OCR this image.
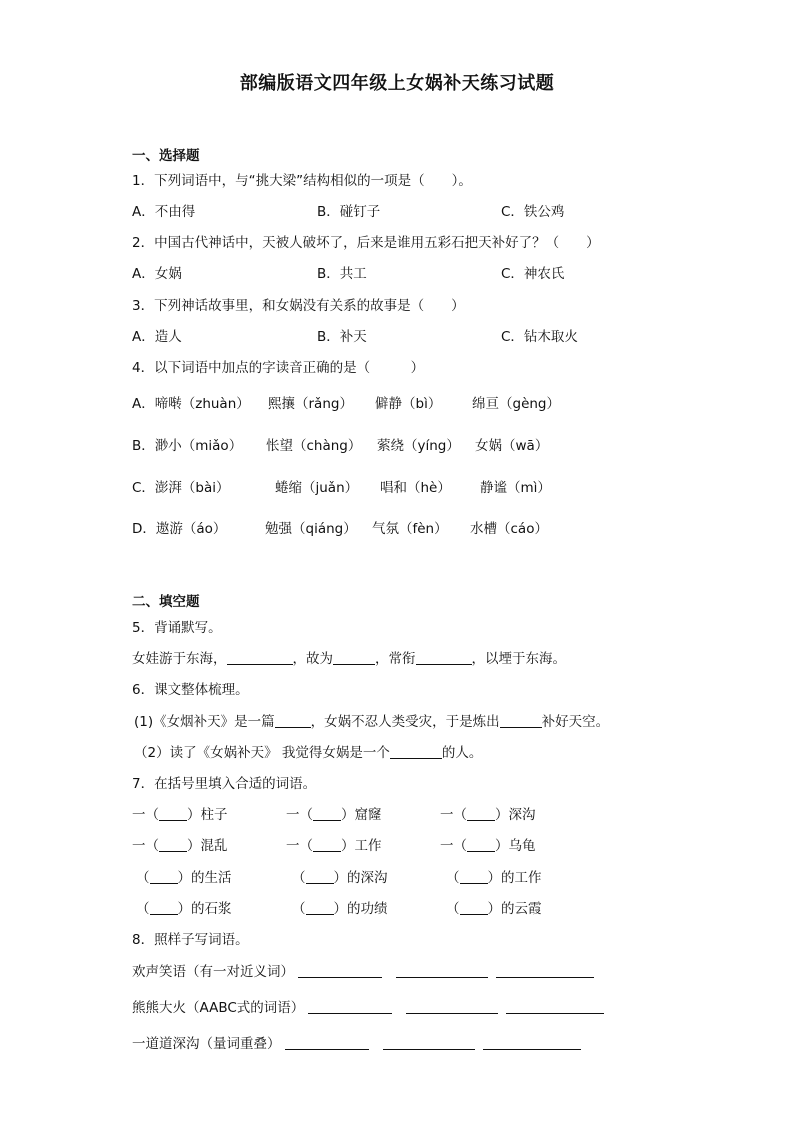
部编版语文四年级上女娲补天练习试题
一、选择题
1．下列词语中，与“挑大梁”结构相似的一项是（　　）。
A．不由得	B．碰钉子	C．铁公鸡
2．中国古代神话中，天被人破坏了，后来是谁用五彩石把天补好了？（　　）
A．女娲	B．共工	C．神农氏
3．下列神话故事里，和女娲没有关系的故事是（　　）
A．造人	B．补天	C．钻木取火
4．以下词语中加点的字读音正确的是（　　　）
A．啼啭（zhuàn） 熙攘（rǎng） 僻静（bì） 绵亘（gèng）
B．渺小（miǎo） 怅望（chàng） 萦绕（yíng） 女娲（wā）
C．澎湃（bài）	蜷缩（juǎn） 唱和（hè） 静谧（mì）
D．遨游（áo）	勉强（qiáng） 气氛（fèn） 水槽（cáo）
二、填空题
5．背诵默写。
女娃游于东海，	，故为	，常衔	，以堙于东海。
6．课文整体梳理。
(1)《女烟补天》是一篇	，女娲不忍人类受灾，于是炼出	补好天空。
（2）读了《女娲补天》 我觉得女娲是一个	的人。
7．在括号里填入合适的词语。
一（ ）柱子	一（ ）窟窿	一（ ）深沟
一（ ）混乱	一（ ）工作	一（ ）乌龟
（ ）的生活	（ ）的深沟	（ ）的工作
（ ）的石浆	（ ）的功绩	（ ）的云霞
8．照样子写词语。
欢声笑语（有一对近义词）
熊熊大火（AABC式的词语）
一道道深沟（量词重叠）
